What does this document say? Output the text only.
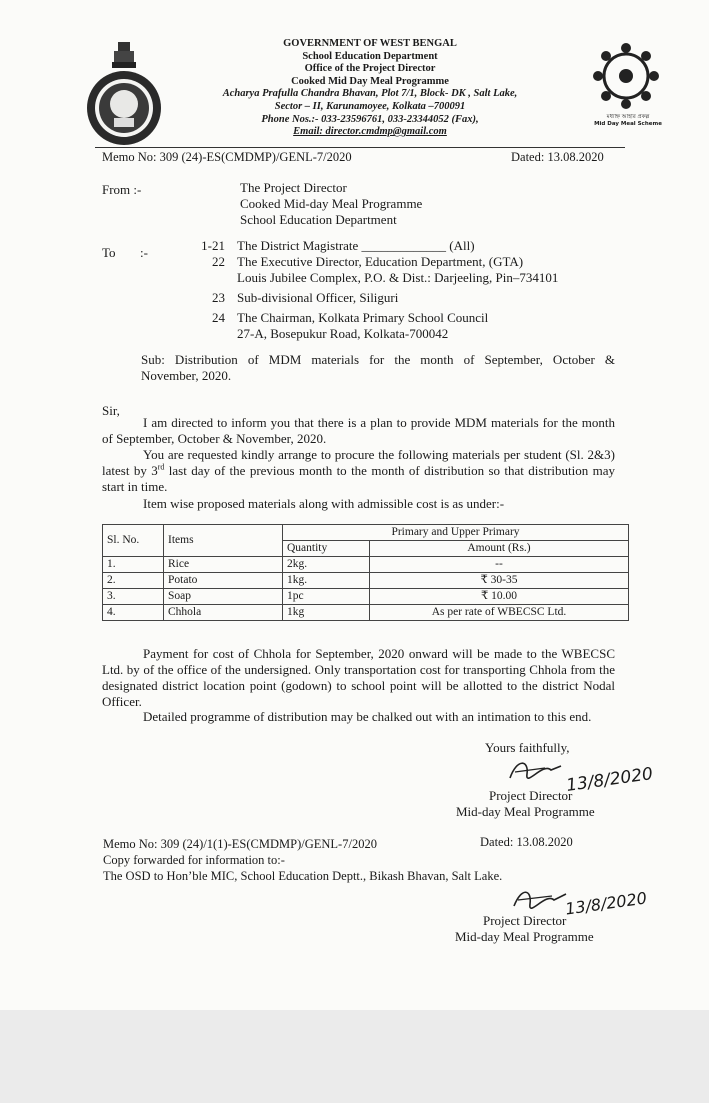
মধ্যাহ্ন আহার প্রকল্প
Mid Day Meal Scheme
GOVERNMENT OF WEST BENGAL
School Education Department
Office of the Project Director
Cooked Mid Day Meal Programme
Acharya Prafulla Chandra Bhavan, Plot 7/1, Block- DK , Salt Lake,
Sector – II, Karunamoyee, Kolkata –700091
Phone Nos.:- 033-23596761, 033-23344052 (Fax),
Email: director.cmdmp@gmail.com
Memo No: 309 (24)-ES(CMDMP)/GENL-7/2020	Dated: 13.08.2020
From :-	The Project Director
Cooked Mid-day Meal Programme
School Education Department
To :-	1-21 The District Magistrate _____________ (All)
22 The Executive Director, Education Department, (GTA)
Louis Jubilee Complex, P.O. & Dist.: Darjeeling, Pin–734101
23 Sub-divisional Officer, Siliguri
24 The Chairman, Kolkata Primary School Council
27-A, Bosepukur Road, Kolkata-700042
Sub: Distribution of MDM materials for the month of September, October &
November, 2020.
Sir,
I am directed to inform you that there is a plan to provide MDM materials for the month of September, October & November, 2020.
You are requested kindly arrange to procure the following materials per student (Sl. 2&3) latest by 3rd last day of the previous month to the month of distribution so that distribution may start in time.
Item wise proposed materials along with admissible cost is as under:-
Sl. No.	Items	Primary and Upper Primary	
		Quantity	Amount (Rs.)
1.	Rice	2kg.	--
2.	Potato	1kg.	₹ 30-35
3.	Soap	1pc	₹ 10.00
4.	Chhola	1kg	As per rate of WBECSC Ltd.
Payment for cost of Chhola for September, 2020 onward will be made to the WBECSC Ltd. by of the office of the undersigned. Only transportation cost for transporting Chhola from the designated district location point (godown) to school point will be allotted to the district Nodal Officer.
Detailed programme of distribution may be chalked out with an intimation to this end.
Yours faithfully,
13/8/2020
Project Director
Mid-day Meal Programme
Memo No: 309 (24)/1(1)-ES(CMDMP)/GENL-7/2020	Dated: 13.08.2020
Copy forwarded for information to:-
The OSD to Hon’ble MIC, School Education Deptt., Bikash Bhavan, Salt Lake.
13/8/2020
Project Director
Mid-day Meal Programme
